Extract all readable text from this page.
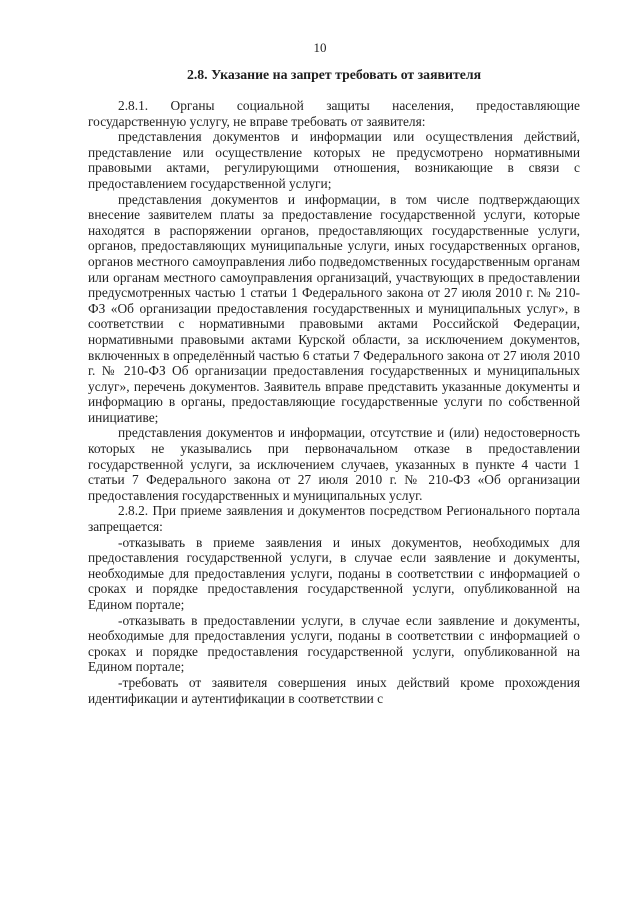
10
2.8. Указание на запрет требовать от заявителя

2.8.1. Органы социальной защиты населения, предоставляющие государственную услугу, не вправе требовать от заявителя:

представления документов и информации или осуществления действий, представление или осуществление которых не предусмотрено нормативными правовыми актами, регулирующими отношения, возникающие в связи с предоставлением государственной услуги;

представления документов и информации, в том числе подтверждающих внесение заявителем платы за предоставление государственной услуги, которые находятся в распоряжении органов, предоставляющих государственные услуги, органов, предоставляющих муниципальные услуги, иных государственных органов, органов местного самоуправления либо подведомственных государственным органам или органам местного самоуправления организаций, участвующих в предоставлении предусмотренных частью 1 статьи 1 Федерального закона от 27 июля 2010 г. № 210-ФЗ «Об организации предоставления государственных и муниципальных услуг», в соответствии с нормативными правовыми актами Российской Федерации, нормативными правовыми актами Курской области, за исключением документов, включенных в определённый частью 6 статьи 7 Федерального закона от 27 июля 2010 г. № 210-ФЗ Об организации предоставления государственных и муниципальных услуг», перечень документов. Заявитель вправе представить указанные документы и информацию в органы, предоставляющие государственные услуги по собственной инициативе;

представления документов и информации, отсутствие и (или) недостоверность которых не указывались при первоначальном отказе в предоставлении государственной услуги, за исключением случаев, указанных в пункте 4 части 1 статьи 7 Федерального закона от 27 июля 2010 г. № 210-ФЗ «Об организации предоставления государственных и муниципальных услуг.

2.8.2. При приеме заявления и документов посредством Регионального портала запрещается:

-отказывать в приеме заявления и иных документов, необходимых для предоставления государственной услуги, в случае если заявление и документы, необходимые для предоставления услуги, поданы в соответствии с информацией о сроках и порядке предоставления государственной услуги, опубликованной на Едином портале;

-отказывать в предоставлении услуги, в случае если заявление и документы, необходимые для предоставления услуги, поданы в соответствии с информацией о сроках и порядке предоставления государственной услуги, опубликованной на Едином портале;

-требовать от заявителя совершения иных действий кроме прохождения идентификации и аутентификации в соответствии с
